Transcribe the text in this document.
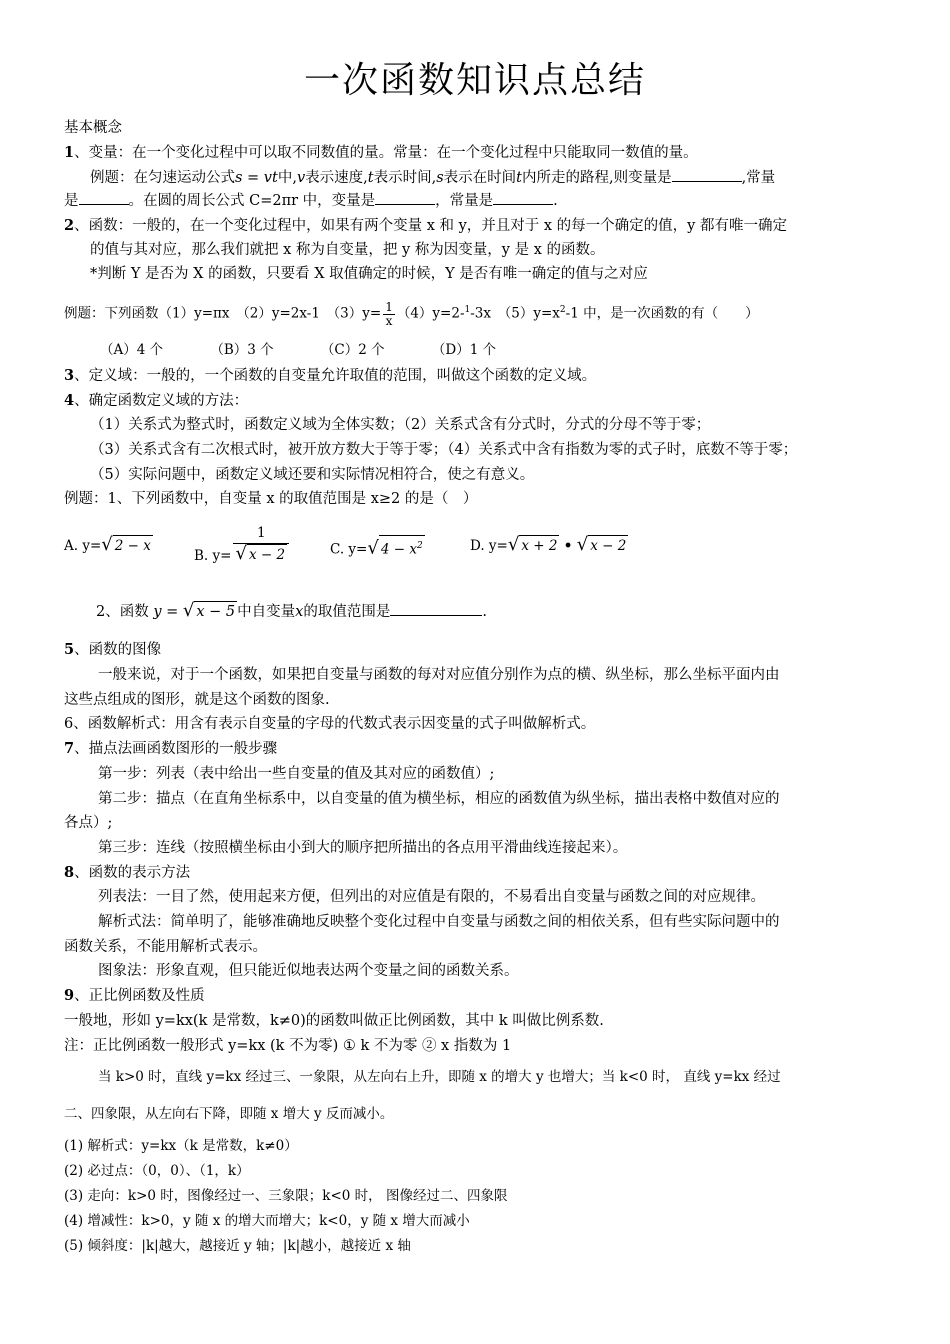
一次函数知识点总结
基本概念
1、变量：在一个变化过程中可以取不同数值的量。常量：在一个变化过程中只能取同一数值的量。
例题：在匀速运动公式s = vt中,v表示速度,t表示时间,s表示在时间t内所走的路程,则变量是	,常量
是	。在圆的周长公式 C=2πr 中，变量是	，常量是	.
2、函数：一般的，在一个变化过程中，如果有两个变量 x 和 y，并且对于 x 的每一个确定的值，y 都有唯一确定
的值与其对应，那么我们就把 x 称为自变量，把 y 称为因变量，y 是 x 的函数。
*判断 Y 是否为 X 的函数，只要看 X 取值确定的时候，Y 是否有唯一确定的值与之对应
例题：下列函数（1）y=πx　（2）y=2x-1　$(3)y= \frac{1}{x} (4)y=2-^1-3x$　$(5)y=x^2-1$ 中，是一次函数的有（　　）
（A）4 个　　　　（B）3 个　　　　（C）2 个　　　　（D）1 个
3、定义域：一般的，一个函数的自变量允许取值的范围，叫做这个函数的定义域。
4、确定函数定义域的方法：
（1）关系式为整式时，函数定义域为全体实数；（2）关系式含有分式时，分式的分母不等于零；
（3）关系式含有二次根式时，被开放方数大于等于零；（4）关系式中含有指数为零的式子时，底数不等于零；
（5）实际问题中，函数定义域还要和实际情况相符合，使之有意义。
例题：1、下列函数中，自变量 x 的取值范围是 x≥2 的是（　）
A. y=√ 2 − x
B. $y= \frac{1}{√ x - 2}$	C. y=√ $4 - x^2$	D. y=√ x + 2 • √ x − 2
2、函数 y = √ x − 5 中自变量x的取值范围是	.
5、函数的图像
一般来说，对于一个函数，如果把自变量与函数的每对对应值分别作为点的横、纵坐标，那么坐标平面内由
这些点组成的图形，就是这个函数的图象.
6、函数解析式：用含有表示自变量的字母的代数式表示因变量的式子叫做解析式。
7、描点法画函数图形的一般步骤
第一步：列表（表中给出一些自变量的值及其对应的函数值）;
第二步：描点（在直角坐标系中，以自变量的值为横坐标，相应的函数值为纵坐标，描出表格中数值对应的
各点）;
第三步：连线（按照横坐标由小到大的顺序把所描出的各点用平滑曲线连接起来）。
8、函数的表示方法
列表法：一目了然，使用起来方便，但列出的对应值是有限的，不易看出自变量与函数之间的对应规律。
解析式法：简单明了，能够准确地反映整个变化过程中自变量与函数之间的相依关系，但有些实际问题中的
函数关系，不能用解析式表示。
图象法：形象直观，但只能近似地表达两个变量之间的函数关系。
9、正比例函数及性质
一般地，形如 y=kx(k 是常数，k≠0)的函数叫做正比例函数，其中 k 叫做比例系数.
注：正比例函数一般形式 y=kx (k 不为零) ① k 不为零 ② x 指数为 1
当 k>0 时，直线 y=kx 经过三、一象限，从左向右上升，即随 x 的增大 y 也增大；当 k<0 时， 直线 y=kx 经过
二、四象限，从左向右下降，即随 x 增大 y 反而减小。
(1) 解析式：y=kx（k 是常数，k≠0）
(2) 必过点：（0，0）、（1，k）
(3) 走向：k>0 时，图像经过一、三象限；k<0 时， 图像经过二、四象限
(4) 增减性：k>0，y 随 x 的增大而增大；k<0，y 随 x 增大而减小
(5) 倾斜度：|k|越大，越接近 y 轴；|k|越小，越接近 x 轴
